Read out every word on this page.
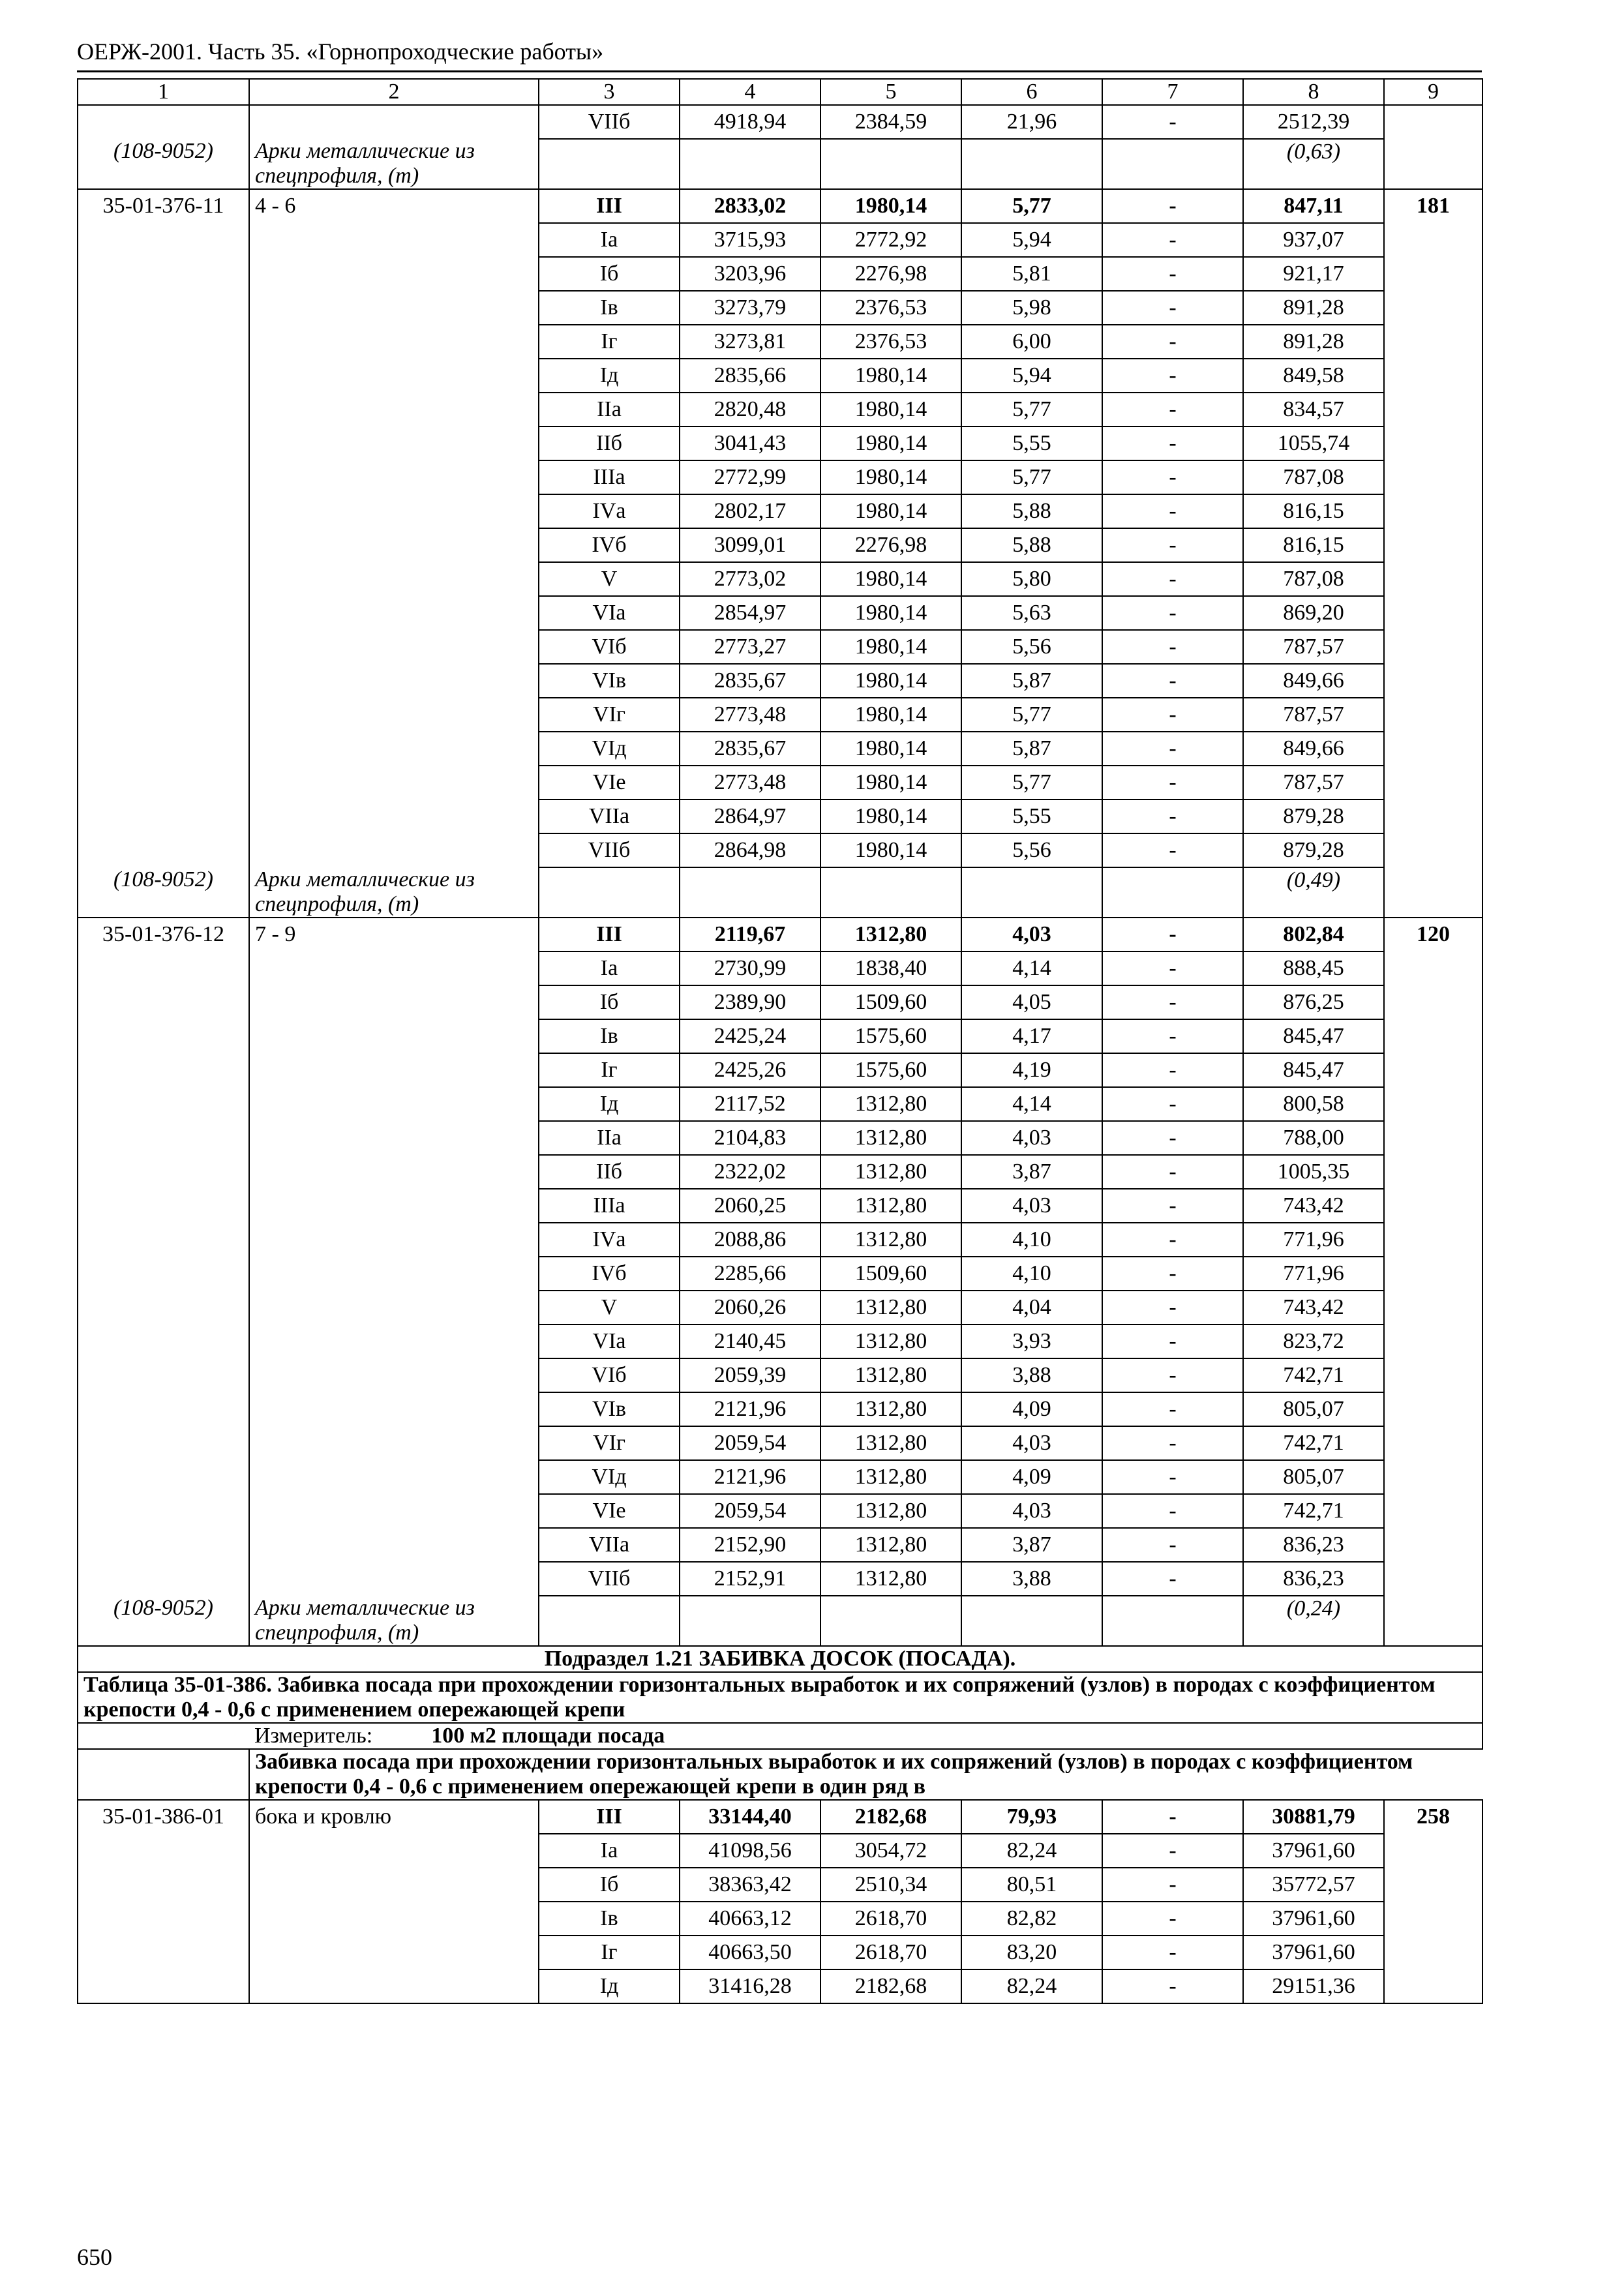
ОЕРЖ-2001. Часть 35. «Горнопроходческие работы»
1	2	3	4	5	6	7	8	9
		VIIб	4918,94	2384,59	21,96	-	2512,39	
(108-9052)	Арки металлические из спецпрофиля, (т)						(0,63)	
35-01-376-11	4 - 6	III	2833,02	1980,14	5,77	-	847,11	181
		Iа	3715,93	2772,92	5,94	-	937,07	
		Iб	3203,96	2276,98	5,81	-	921,17	
		Iв	3273,79	2376,53	5,98	-	891,28	
		Iг	3273,81	2376,53	6,00	-	891,28	
		Iд	2835,66	1980,14	5,94	-	849,58	
		IIа	2820,48	1980,14	5,77	-	834,57	
		IIб	3041,43	1980,14	5,55	-	1055,74	
		IIIа	2772,99	1980,14	5,77	-	787,08	
		IVа	2802,17	1980,14	5,88	-	816,15	
		IVб	3099,01	2276,98	5,88	-	816,15	
		V	2773,02	1980,14	5,80	-	787,08	
		VIа	2854,97	1980,14	5,63	-	869,20	
		VIб	2773,27	1980,14	5,56	-	787,57	
		VIв	2835,67	1980,14	5,87	-	849,66	
		VIг	2773,48	1980,14	5,77	-	787,57	
		VIд	2835,67	1980,14	5,87	-	849,66	
		VIе	2773,48	1980,14	5,77	-	787,57	
		VIIа	2864,97	1980,14	5,55	-	879,28	
		VIIб	2864,98	1980,14	5,56	-	879,28	
(108-9052)	Арки металлические из спецпрофиля, (т)						(0,49)	
35-01-376-12	7 - 9	III	2119,67	1312,80	4,03	-	802,84	120
		Iа	2730,99	1838,40	4,14	-	888,45	
		Iб	2389,90	1509,60	4,05	-	876,25	
		Iв	2425,24	1575,60	4,17	-	845,47	
		Iг	2425,26	1575,60	4,19	-	845,47	
		Iд	2117,52	1312,80	4,14	-	800,58	
		IIа	2104,83	1312,80	4,03	-	788,00	
		IIб	2322,02	1312,80	3,87	-	1005,35	
		IIIа	2060,25	1312,80	4,03	-	743,42	
		IVа	2088,86	1312,80	4,10	-	771,96	
		IVб	2285,66	1509,60	4,10	-	771,96	
		V	2060,26	1312,80	4,04	-	743,42	
		VIа	2140,45	1312,80	3,93	-	823,72	
		VIб	2059,39	1312,80	3,88	-	742,71	
		VIв	2121,96	1312,80	4,09	-	805,07	
		VIг	2059,54	1312,80	4,03	-	742,71	
		VIд	2121,96	1312,80	4,09	-	805,07	
		VIе	2059,54	1312,80	4,03	-	742,71	
		VIIа	2152,90	1312,80	3,87	-	836,23	
		VIIб	2152,91	1312,80	3,88	-	836,23	
(108-9052)	Арки металлические из спецпрофиля, (т)						(0,24)	
Подраздел 1.21 ЗАБИВКА ДОСОК (ПОСАДА).								
Таблица 35-01-386. Забивка посада при прохождении горизонтальных выработок и их сопряжений (узлов) в породах с коэффициентом крепости 0,4 - 0,6 с применением опережающей крепи								
	Измеритель: 100 м2 площади посада							
	Забивка посада при прохождении горизонтальных выработок и их сопряжений (узлов) в породах с коэффициентом крепости 0,4 - 0,6 с применением опережающей крепи в один ряд в							
35-01-386-01	бока и кровлю	III	33144,40	2182,68	79,93	-	30881,79	258
		Iа	41098,56	3054,72	82,24	-	37961,60	
		Iб	38363,42	2510,34	80,51	-	35772,57	
		Iв	40663,12	2618,70	82,82	-	37961,60	
		Iг	40663,50	2618,70	83,20	-	37961,60	
		Iд	31416,28	2182,68	82,24	-	29151,36	
650
